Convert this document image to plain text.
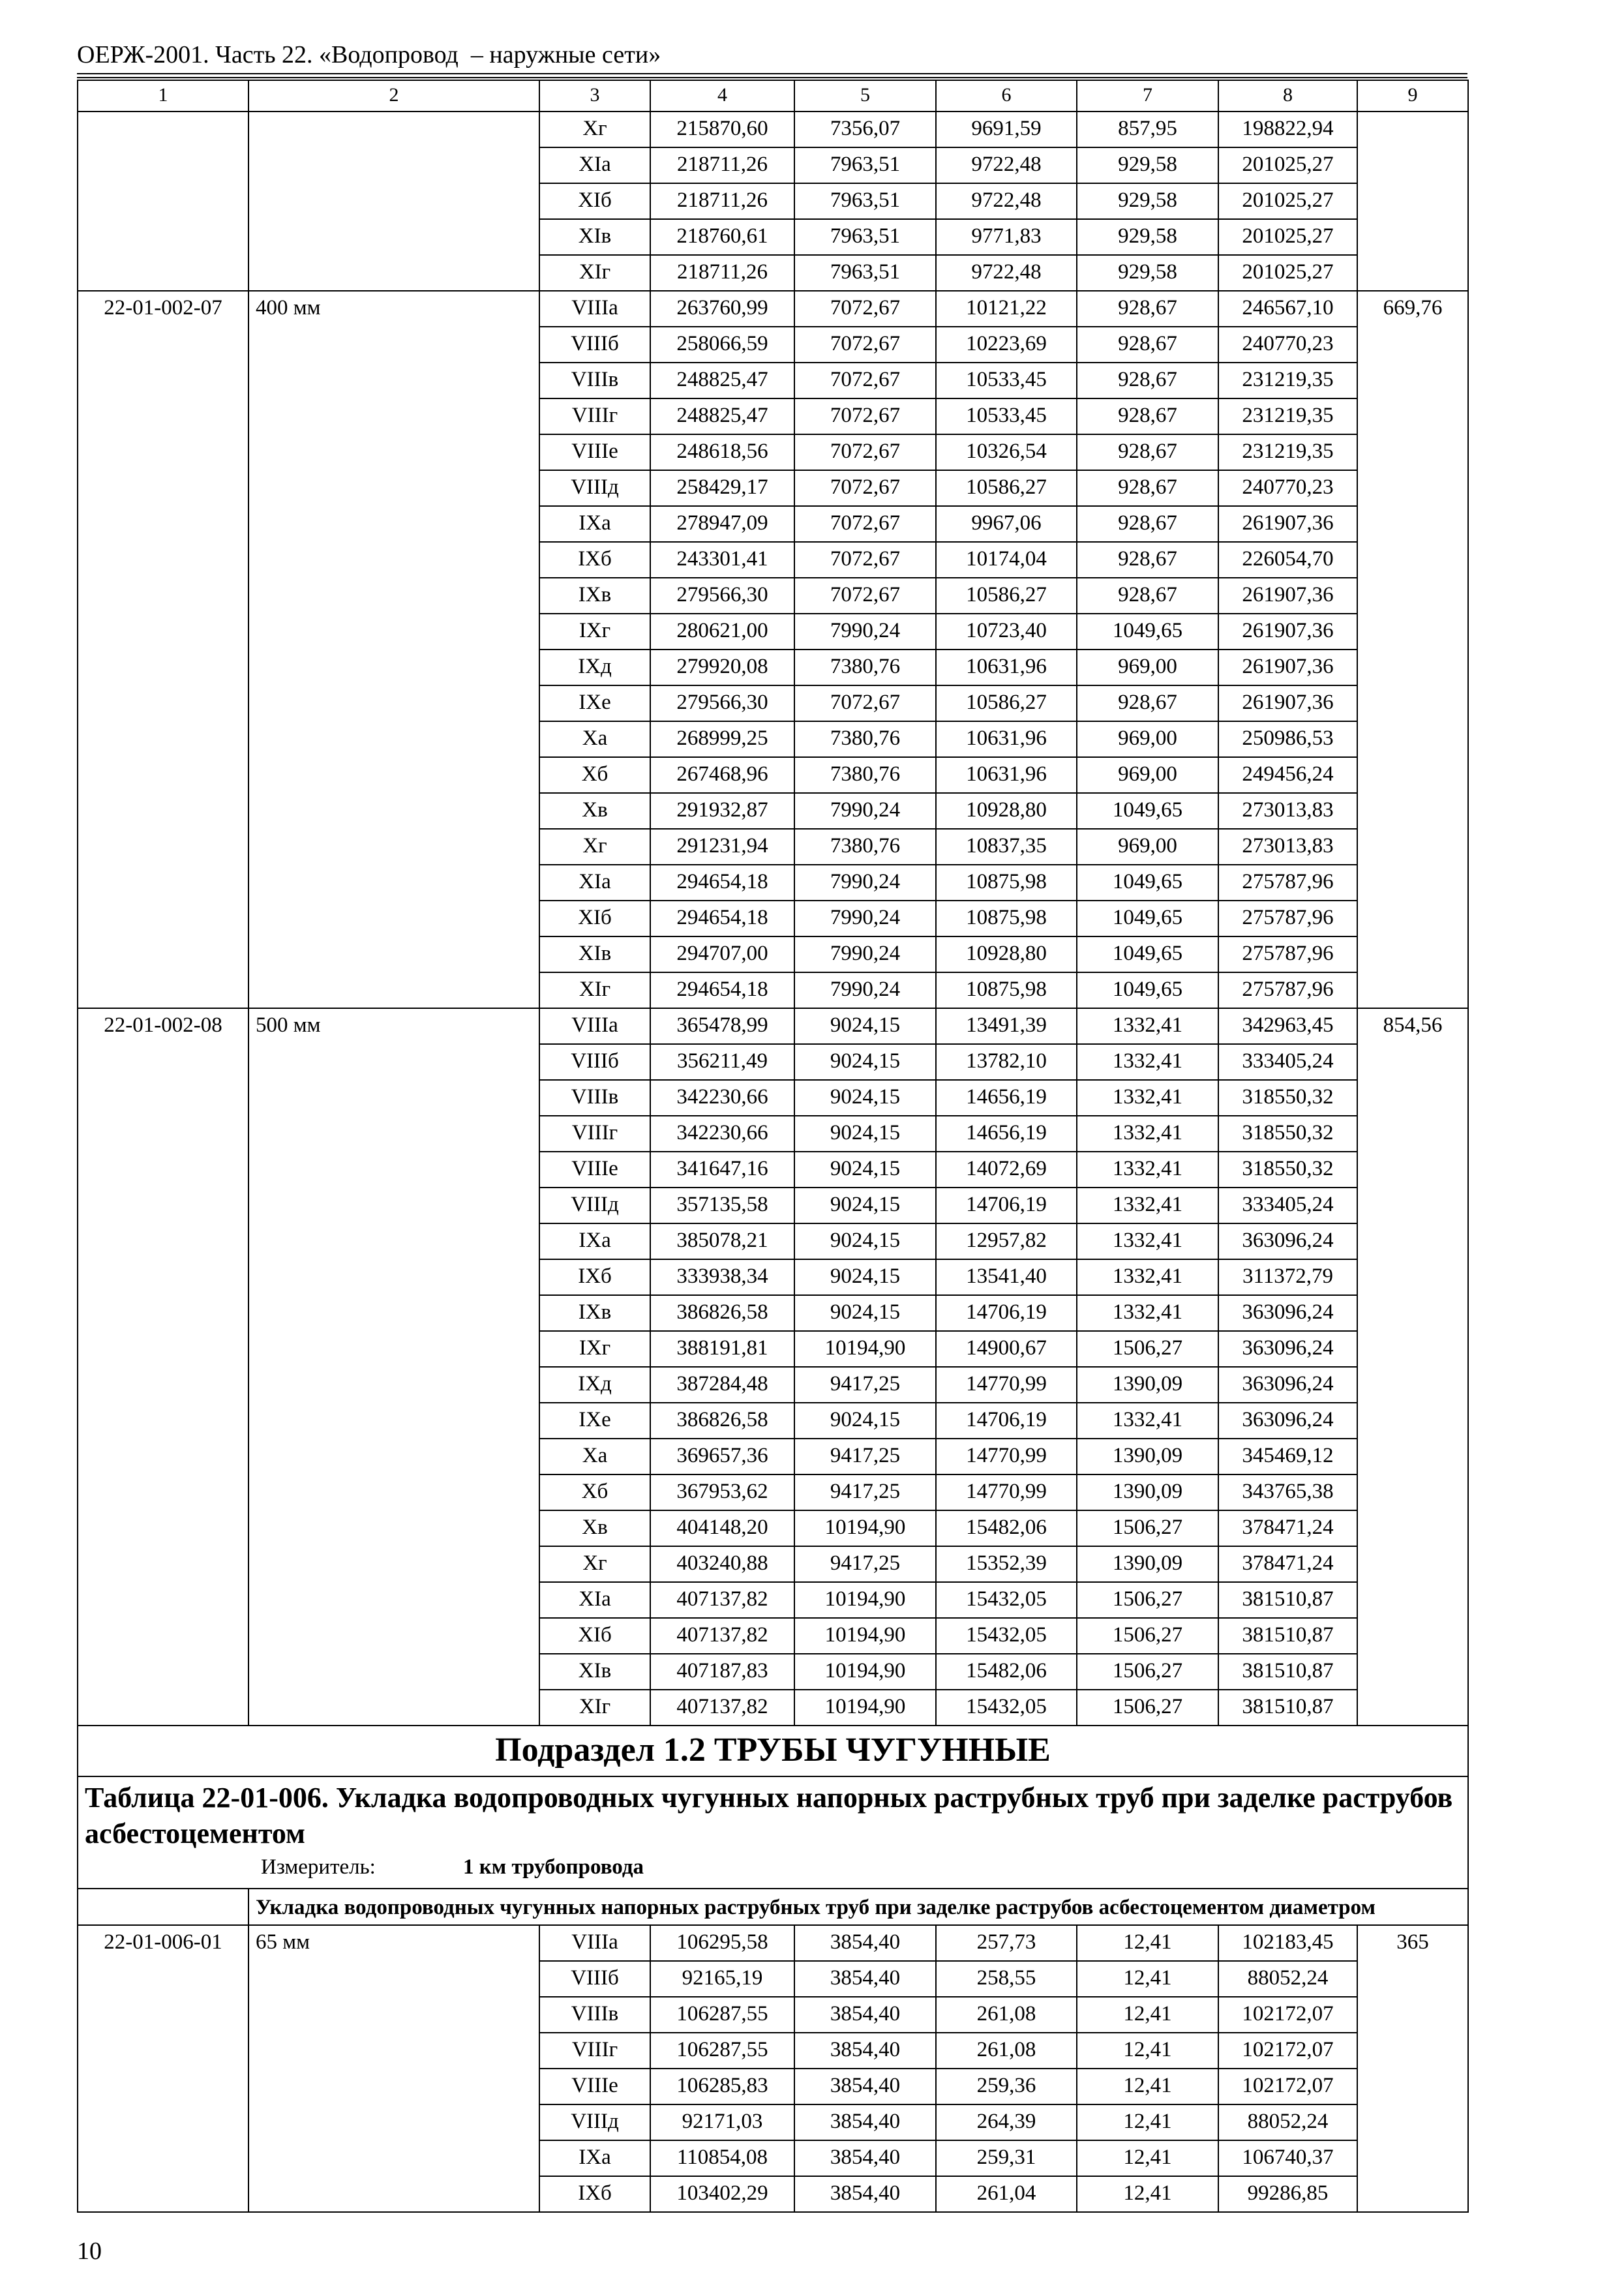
ОЕРЖ-2001. Часть 22. «Водопровод  – наружные сети»
1	2	3	4	5	6	7	8	9
		Xг	215870,60	7356,07	9691,59	857,95	198822,94	
		XIа	218711,26	7963,51	9722,48	929,58	201025,27	
		XIб	218711,26	7963,51	9722,48	929,58	201025,27	
		XIв	218760,61	7963,51	9771,83	929,58	201025,27	
		XIг	218711,26	7963,51	9722,48	929,58	201025,27	
22-01-002-07	400 мм	VIIIа	263760,99	7072,67	10121,22	928,67	246567,10	669,76
		VIIIб	258066,59	7072,67	10223,69	928,67	240770,23	
		VIIIв	248825,47	7072,67	10533,45	928,67	231219,35	
		VIIIг	248825,47	7072,67	10533,45	928,67	231219,35	
		VIIIе	248618,56	7072,67	10326,54	928,67	231219,35	
		VIIIд	258429,17	7072,67	10586,27	928,67	240770,23	
		IXа	278947,09	7072,67	9967,06	928,67	261907,36	
		IXб	243301,41	7072,67	10174,04	928,67	226054,70	
		IXв	279566,30	7072,67	10586,27	928,67	261907,36	
		IXг	280621,00	7990,24	10723,40	1049,65	261907,36	
		IXд	279920,08	7380,76	10631,96	969,00	261907,36	
		IXе	279566,30	7072,67	10586,27	928,67	261907,36	
		Xа	268999,25	7380,76	10631,96	969,00	250986,53	
		Xб	267468,96	7380,76	10631,96	969,00	249456,24	
		Xв	291932,87	7990,24	10928,80	1049,65	273013,83	
		Xг	291231,94	7380,76	10837,35	969,00	273013,83	
		XIа	294654,18	7990,24	10875,98	1049,65	275787,96	
		XIб	294654,18	7990,24	10875,98	1049,65	275787,96	
		XIв	294707,00	7990,24	10928,80	1049,65	275787,96	
		XIг	294654,18	7990,24	10875,98	1049,65	275787,96	
22-01-002-08	500 мм	VIIIа	365478,99	9024,15	13491,39	1332,41	342963,45	854,56
		VIIIб	356211,49	9024,15	13782,10	1332,41	333405,24	
		VIIIв	342230,66	9024,15	14656,19	1332,41	318550,32	
		VIIIг	342230,66	9024,15	14656,19	1332,41	318550,32	
		VIIIе	341647,16	9024,15	14072,69	1332,41	318550,32	
		VIIIд	357135,58	9024,15	14706,19	1332,41	333405,24	
		IXа	385078,21	9024,15	12957,82	1332,41	363096,24	
		IXб	333938,34	9024,15	13541,40	1332,41	311372,79	
		IXв	386826,58	9024,15	14706,19	1332,41	363096,24	
		IXг	388191,81	10194,90	14900,67	1506,27	363096,24	
		IXд	387284,48	9417,25	14770,99	1390,09	363096,24	
		IXе	386826,58	9024,15	14706,19	1332,41	363096,24	
		Xа	369657,36	9417,25	14770,99	1390,09	345469,12	
		Xб	367953,62	9417,25	14770,99	1390,09	343765,38	
		Xв	404148,20	10194,90	15482,06	1506,27	378471,24	
		Xг	403240,88	9417,25	15352,39	1390,09	378471,24	
		XIа	407137,82	10194,90	15432,05	1506,27	381510,87	
		XIб	407137,82	10194,90	15432,05	1506,27	381510,87	
		XIв	407187,83	10194,90	15482,06	1506,27	381510,87	
		XIг	407137,82	10194,90	15432,05	1506,27	381510,87	
Подраздел 1.2 ТРУБЫ ЧУГУННЫЕ								

Таблица 22-01-006. Укладка водопроводных чугунных напорных раструбных труб при заделке раструбов асбестоцементом
Измеритель: 1 км трубопровода								

	Укладка водопроводных чугунных напорных раструбных труб при заделке раструбов асбестоцементом диаметром							
22-01-006-01	65 мм	VIIIа	106295,58	3854,40	257,73	12,41	102183,45	365
		VIIIб	92165,19	3854,40	258,55	12,41	88052,24	
		VIIIв	106287,55	3854,40	261,08	12,41	102172,07	
		VIIIг	106287,55	3854,40	261,08	12,41	102172,07	
		VIIIе	106285,83	3854,40	259,36	12,41	102172,07	
		VIIIд	92171,03	3854,40	264,39	12,41	88052,24	
		IXа	110854,08	3854,40	259,31	12,41	106740,37	
		IXб	103402,29	3854,40	261,04	12,41	99286,85	
10
